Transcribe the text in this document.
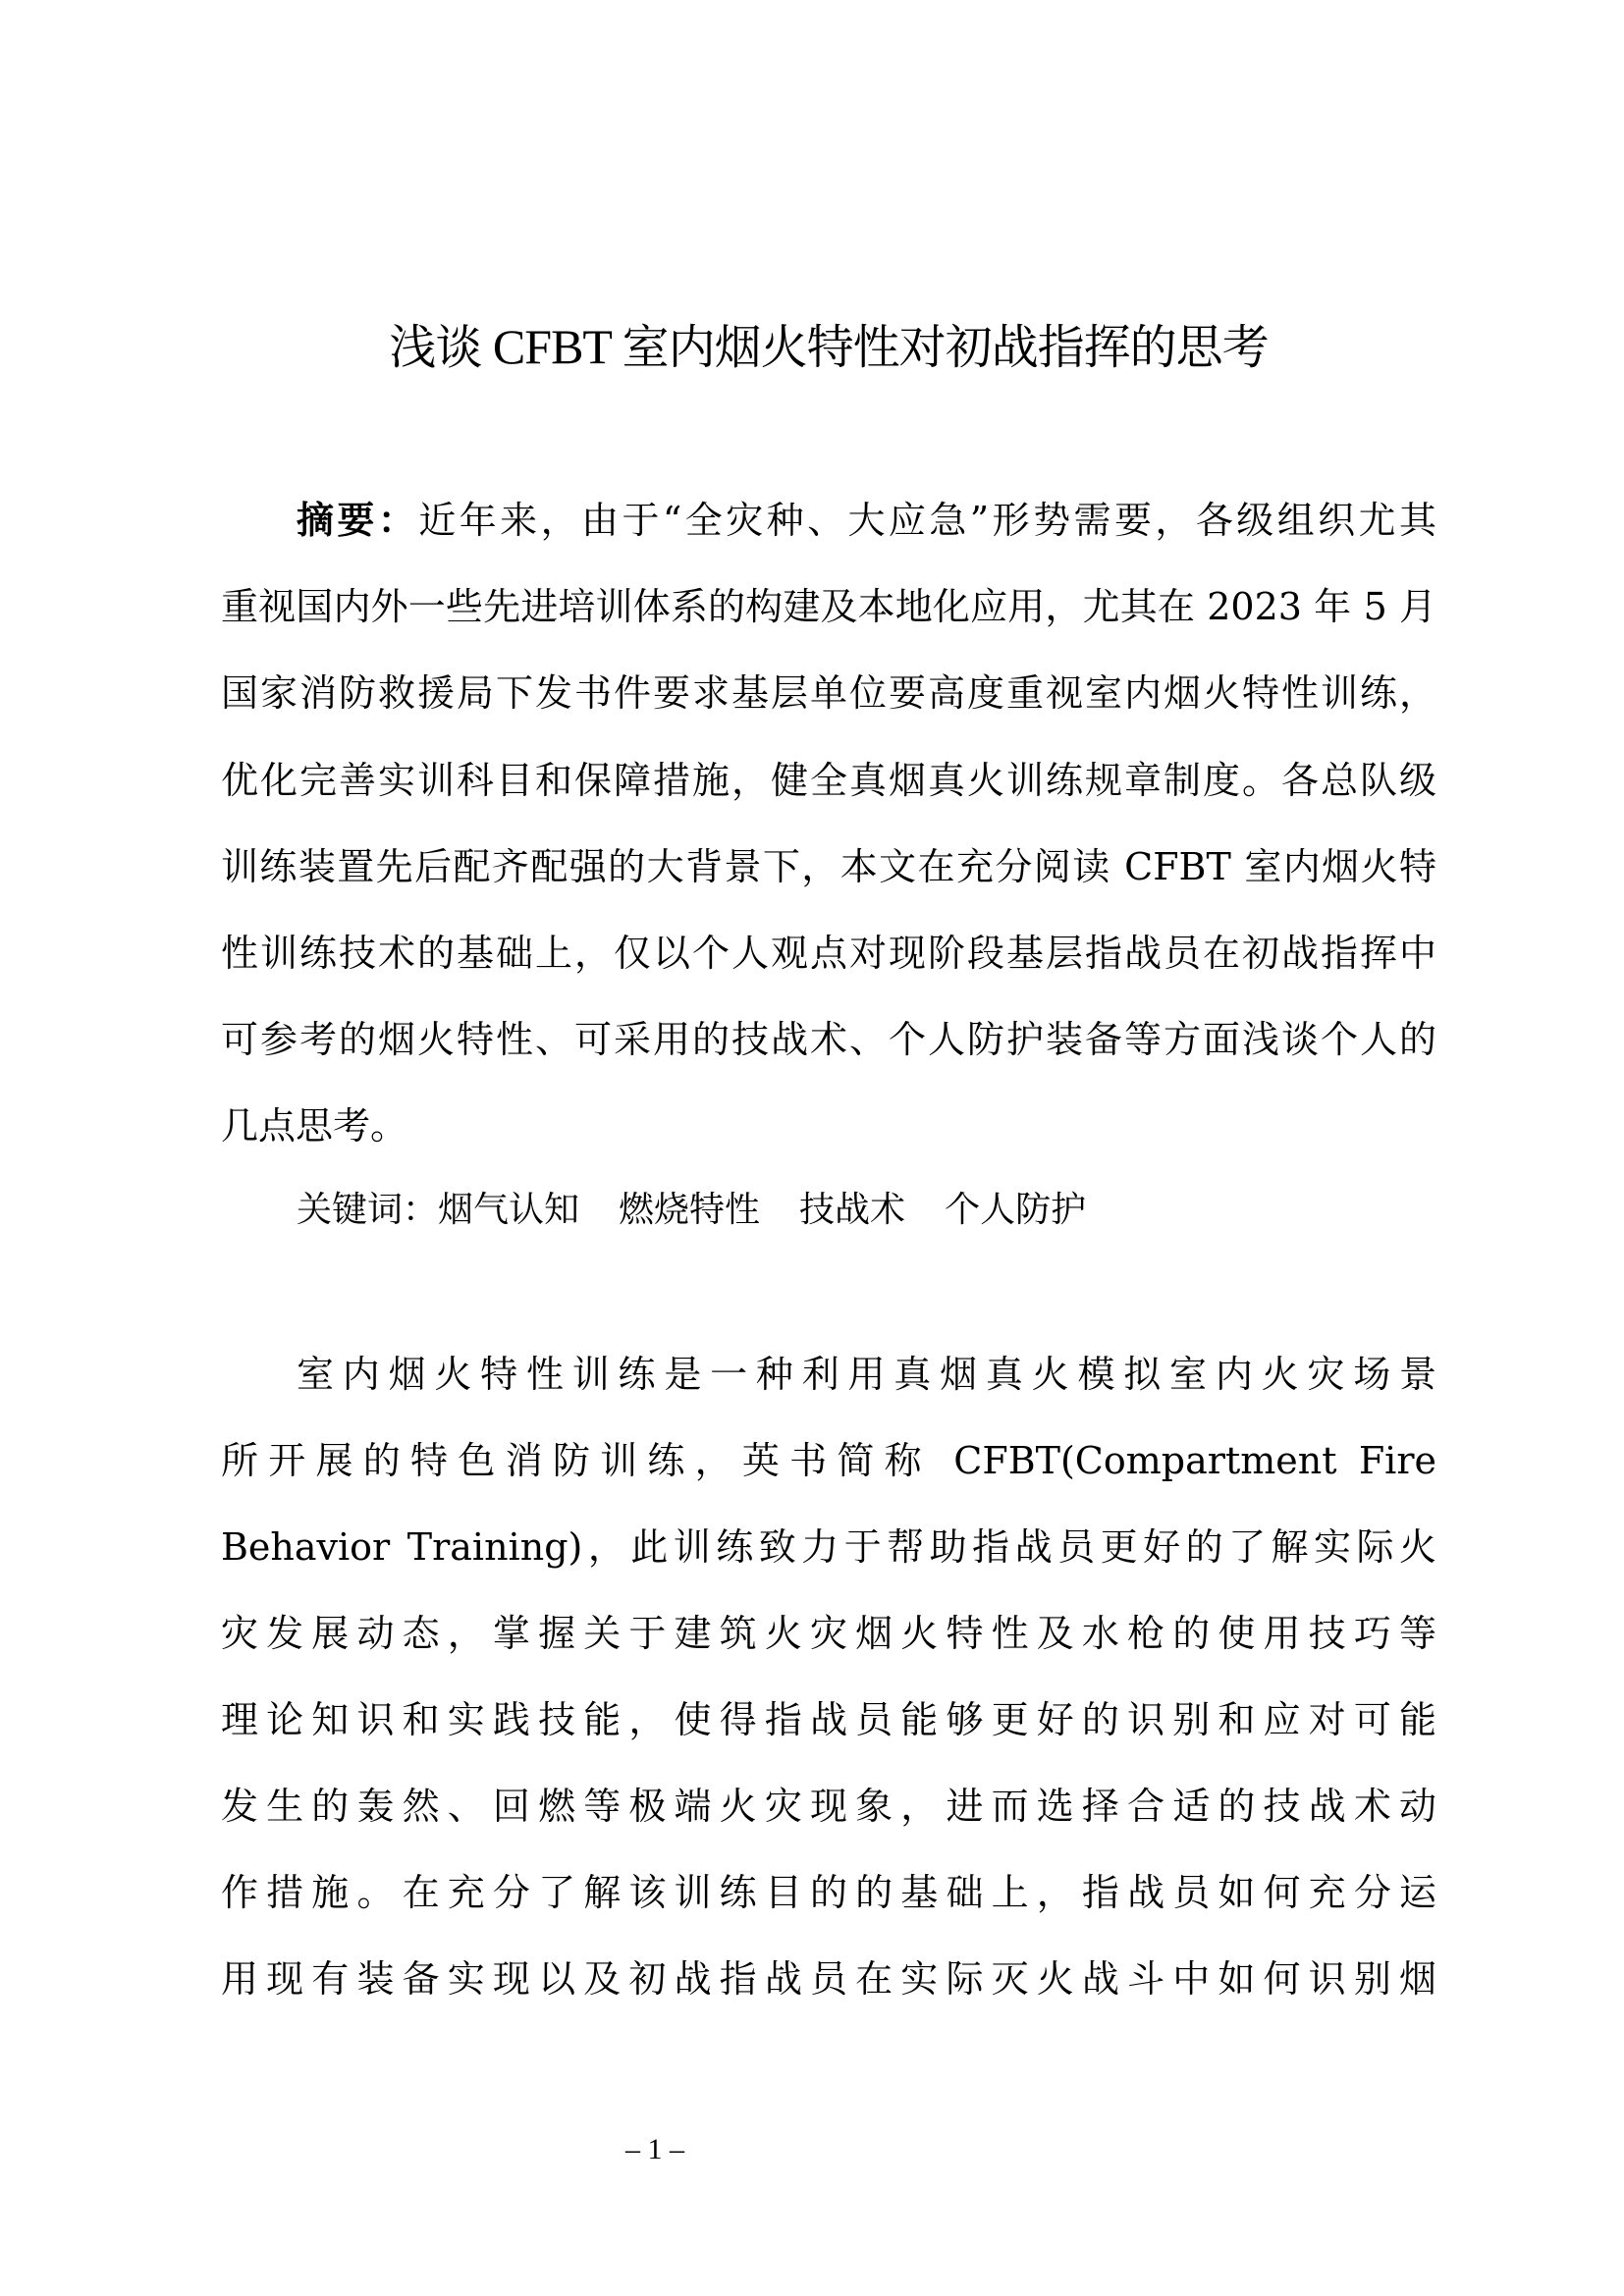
浅谈 CFBT 室内烟火特性对初战指挥的思考
摘要：近年来，由于“全灾种、大应急”形势需要，各级组织尤其
重视国内外一些先进培训体系的构建及本地化应用，尤其在 2023 年 5 月
国家消防救援局下发书件要求基层单位要高度重视室内烟火特性训练，
优化完善实训科目和保障措施，健全真烟真火训练规章制度。各总队级
训练装置先后配齐配强的大背景下，本文在充分阅读 CFBT 室内烟火特
性训练技术的基础上，仅以个人观点对现阶段基层指战员在初战指挥中
可参考的烟火特性、可采用的技战术、个人防护装备等方面浅谈个人的
几点思考。
关键词：烟气认知 燃烧特性 技战术 个人防护
室内烟火特性训练是一种利用真烟真火模拟室内火灾场景
所开展的特色消防训练，英书简称 CFBT(Compartment Fire
Behavior Training)，此训练致力于帮助指战员更好的了解实际火
灾发展动态，掌握关于建筑火灾烟火特性及水枪的使用技巧等
理论知识和实践技能，使得指战员能够更好的识别和应对可能
发生的轰然、回燃等极端火灾现象，进而选择合适的技战术动
作措施。在充分了解该训练目的的基础上，指战员如何充分运
用现有装备实现以及初战指战员在实际灭火战斗中如何识别烟
– 1 –
